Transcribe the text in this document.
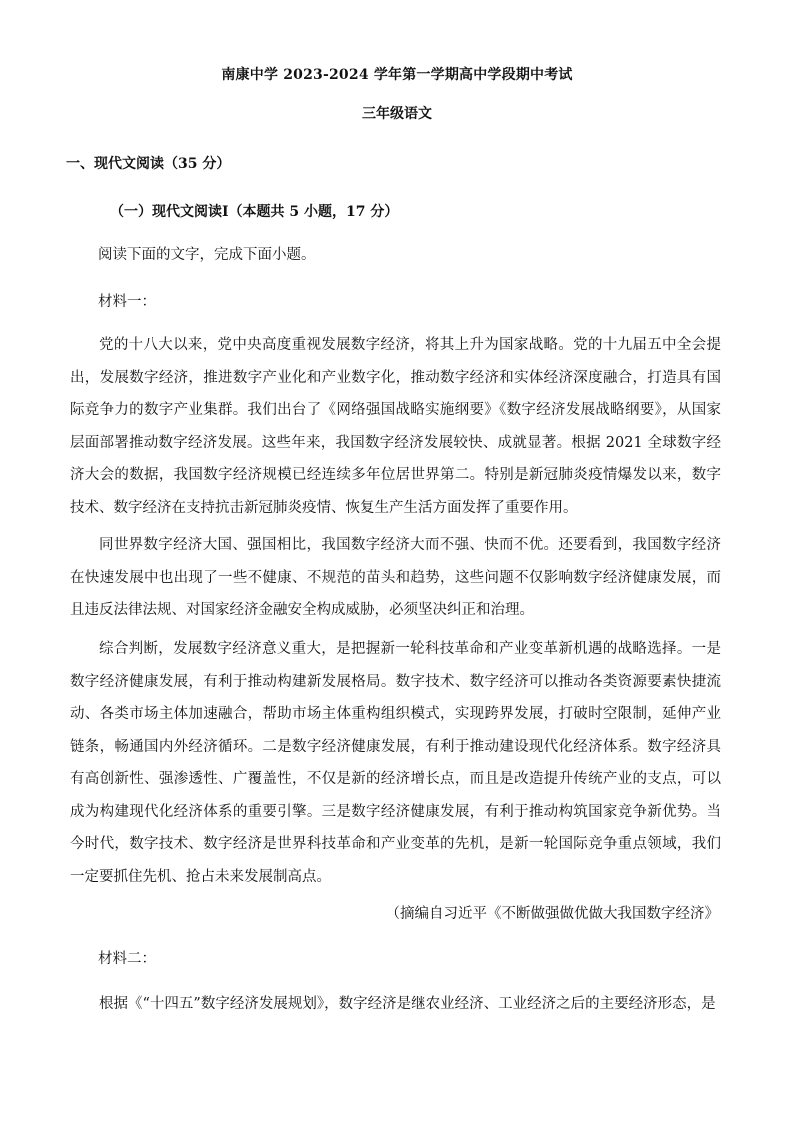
南康中学 2023-2024 学年第一学期高中学段期中考试
三年级语文
一、现代文阅读（35 分）
（一）现代文阅读Ⅰ（本题共 5 小题，17 分）
阅读下面的文字，完成下面小题。
材料一：

党的十八大以来，党中央高度重视发展数字经济，将其上升为国家战略。党的十九届五中全会提出，发展数字经济，推进数字产业化和产业数字化，推动数字经济和实体经济深度融合，打造具有国际竞争力的数字产业集群。我们出台了《网络强国战略实施纲要》《数字经济发展战略纲要》，从国家层面部署推动数字经济发展。这些年来，我国数字经济发展较快、成就显著。根据 2021 全球数字经济大会的数据，我国数字经济规模已经连续多年位居世界第二。特别是新冠肺炎疫情爆发以来，数字技术、数字经济在支持抗击新冠肺炎疫情、恢复生产生活方面发挥了重要作用。

同世界数字经济大国、强国相比，我国数字经济大而不强、快而不优。还要看到，我国数字经济在快速发展中也出现了一些不健康、不规范的苗头和趋势，这些问题不仅影响数字经济健康发展，而且违反法律法规、对国家经济金融安全构成威胁，必须坚决纠正和治理。

综合判断，发展数字经济意义重大，是把握新一轮科技革命和产业变革新机遇的战略选择。一是数字经济健康发展，有利于推动构建新发展格局。数字技术、数字经济可以推动各类资源要素快捷流动、各类市场主体加速融合，帮助市场主体重构组织模式，实现跨界发展，打破时空限制，延伸产业链条，畅通国内外经济循环。二是数字经济健康发展，有利于推动建设现代化经济体系。数字经济具有高创新性、强渗透性、广覆盖性，不仅是新的经济增长点，而且是改造提升传统产业的支点，可以成为构建现代化经济体系的重要引擎。三是数字经济健康发展，有利于推动构筑国家竞争新优势。当今时代，数字技术、数字经济是世界科技革命和产业变革的先机，是新一轮国际竞争重点领域，我们一定要抓住先机、抢占未来发展制高点。

（摘编自习近平《不断做强做优做大我国数字经济》
材料二：

根据《“十四五”数字经济发展规划》，数字经济是继农业经济、工业经济之后的主要经济形态，是
